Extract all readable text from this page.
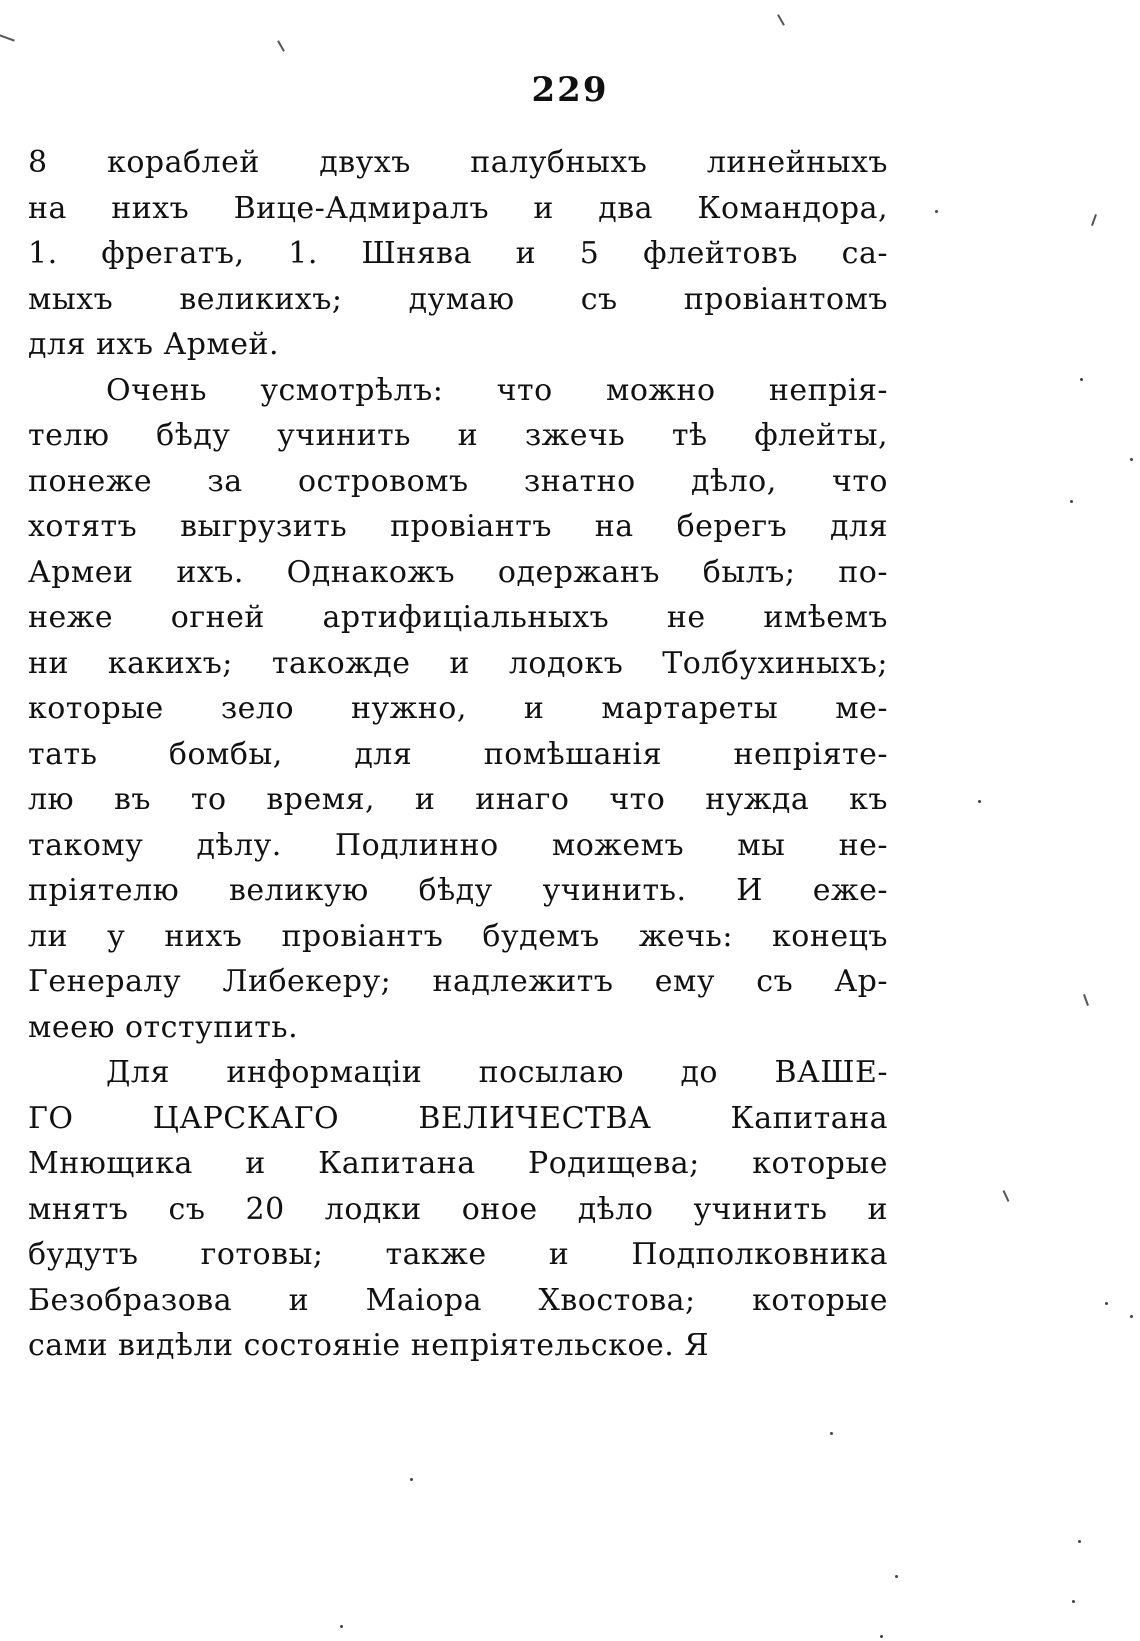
229
8 кораблей двухъ палубныхъ линейныхъ
на нихъ Вице-Адмиралъ и два Командора,
1. фрегатъ, 1. Шнява и 5 флейтовъ са-
мыхъ великихъ; думаю съ провіантомъ
для ихъ Армей.
Очень усмотрѣлъ: что можно непрія-
телю бѣду учинить и зжечь тѣ флейты,
понеже за островомъ знатно дѣло, что
хотятъ выгрузить провіантъ на берегъ для
Армеи ихъ. Однакожъ одержанъ былъ; по-
неже огней артифиціальныхъ не имѣемъ
ни какихъ; такожде и лодокъ Толбухиныхъ;
которые зело нужно, и мартареты ме-
тать бомбы, для помѣшанія непріяте-
лю въ то время, и инаго что нужда къ
такому дѣлу. Подлинно можемъ мы не-
пріятелю великую бѣду учинить. И еже-
ли у нихъ провіантъ будемъ жечь: конецъ
Генералу Либекеру; надлежитъ ему съ Ар-
меею отступить.
Для информаціи посылаю до ВАШЕ-
ГО ЦАРСКАГО ВЕЛИЧЕСТВА Капитана
Мнющика и Капитана Родищева; которые
мнятъ съ 20 лодки оное дѣло учинить и
будутъ готовы; также и Подполковника
Безобразова и Маіора Хвостова; которые
сами видѣли состояніе непріятельское. Я
